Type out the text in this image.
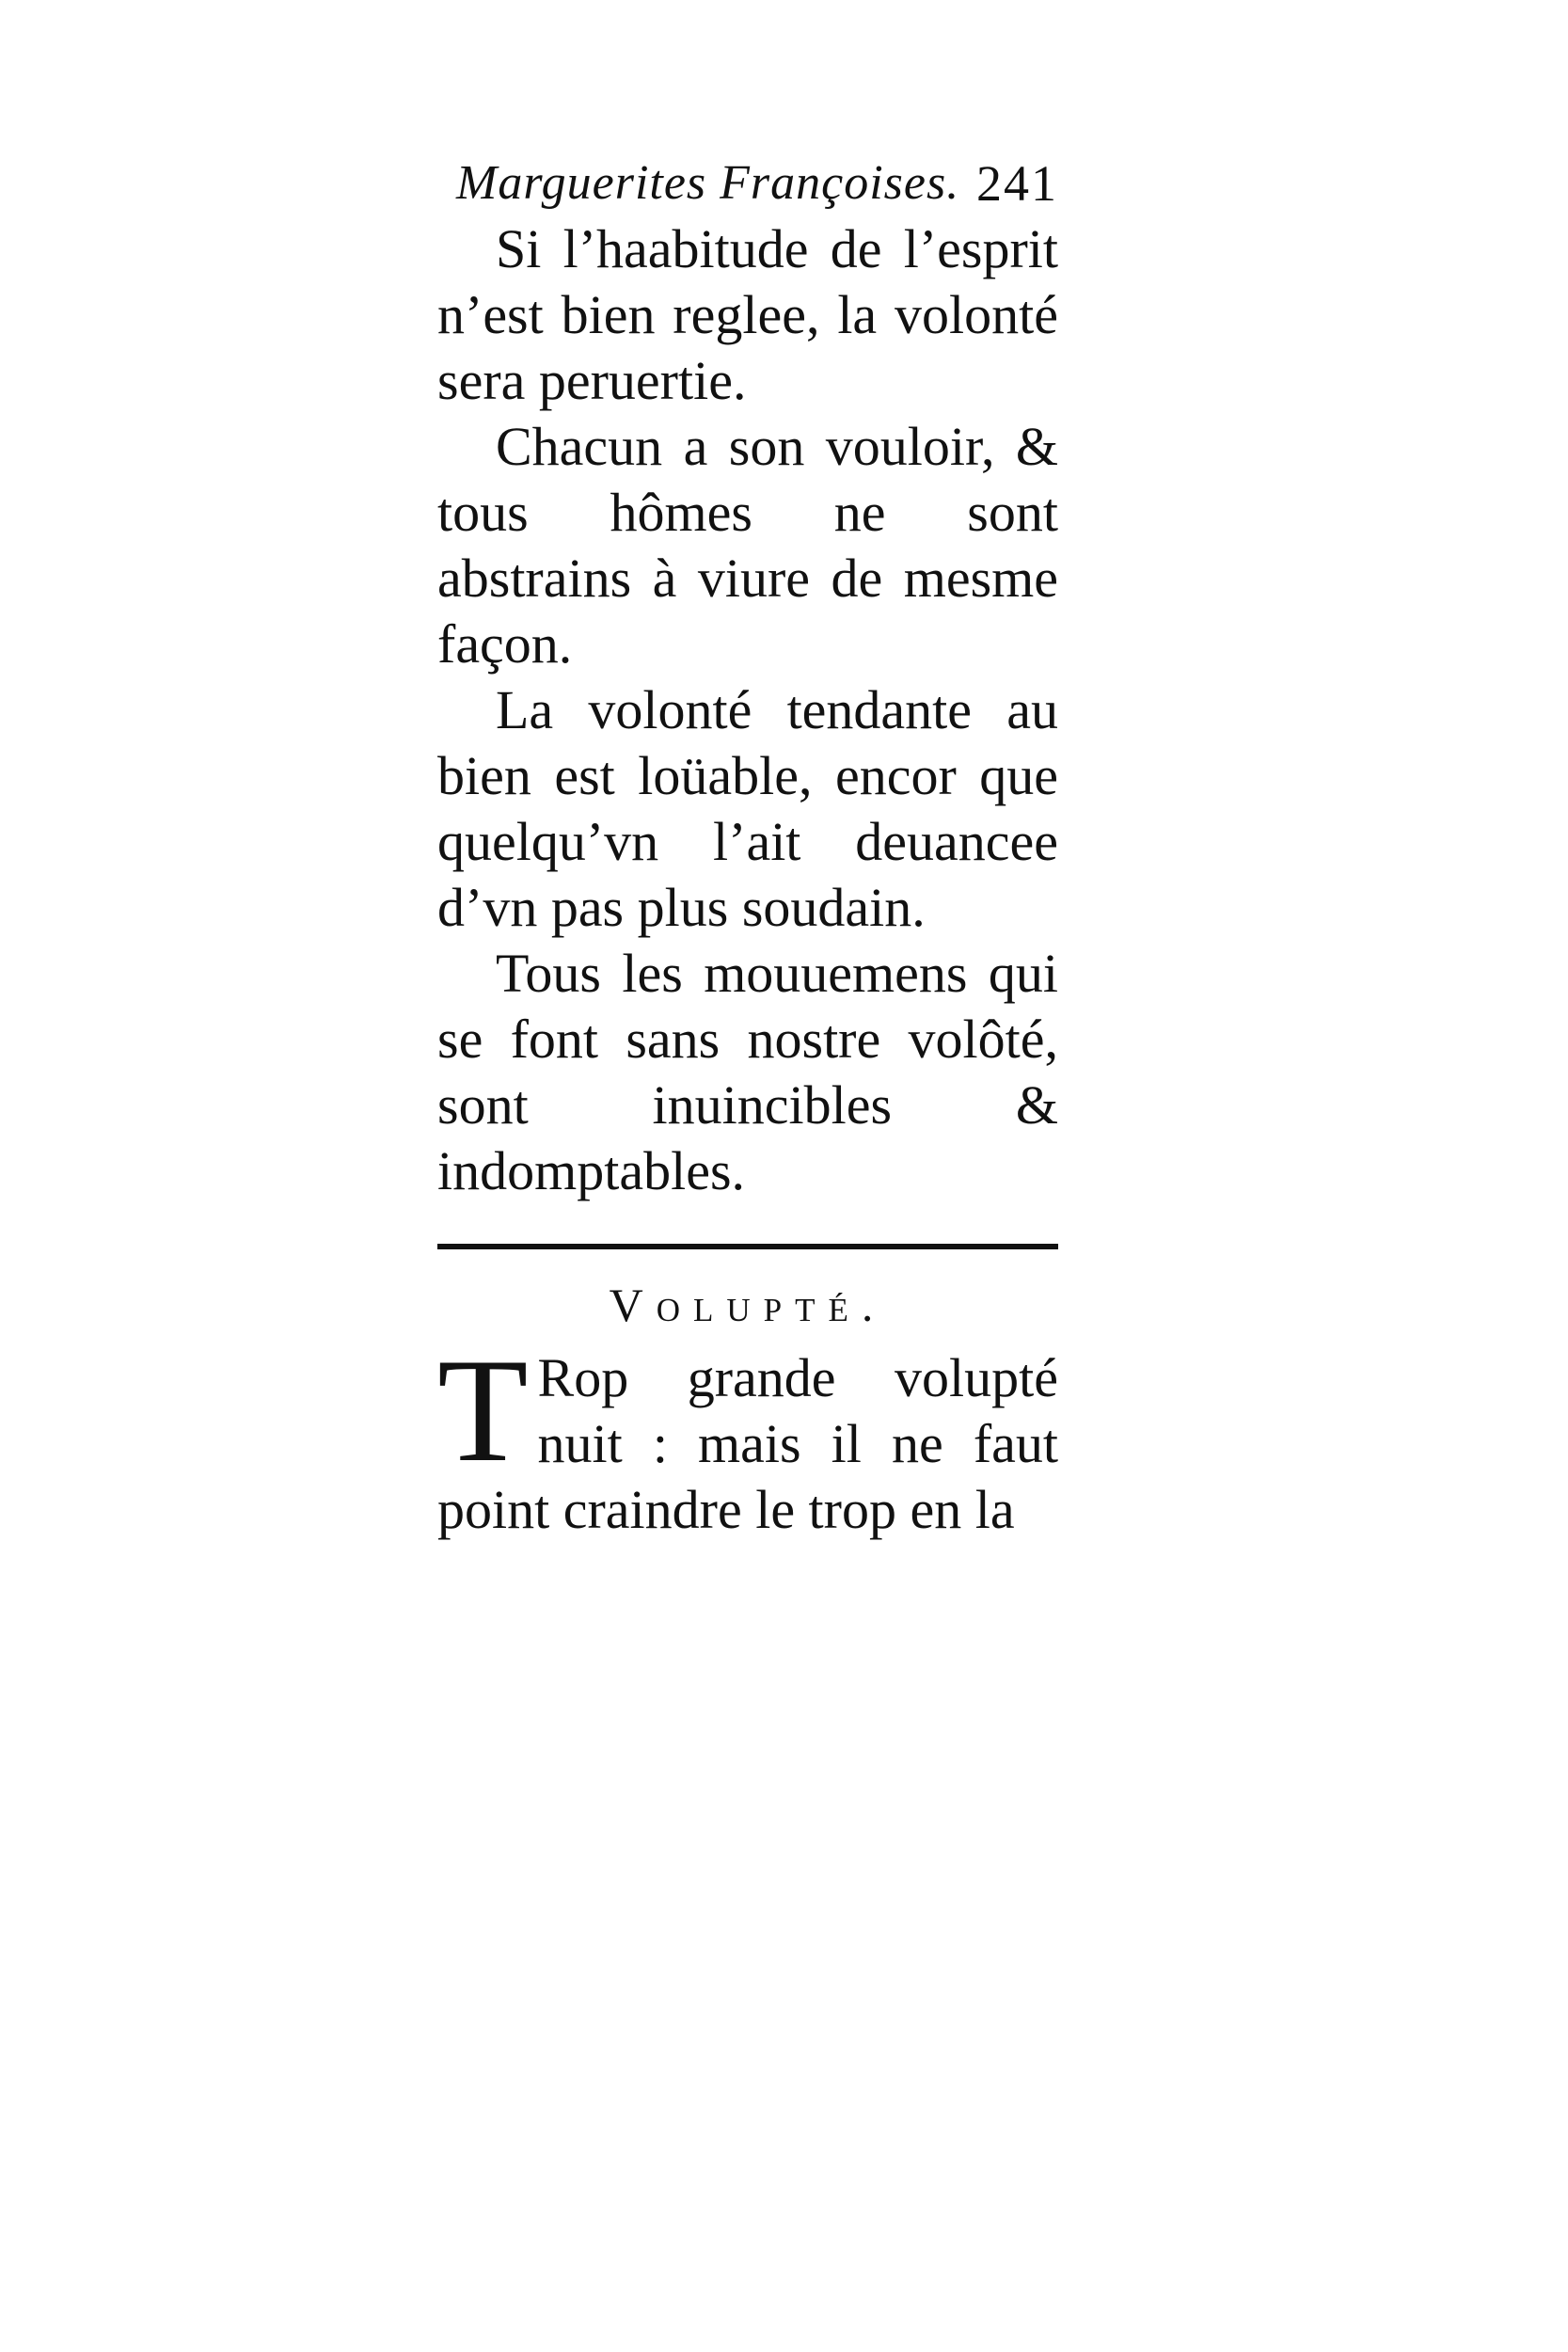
Marguerites Françoises. 241

Si l’haabitude de l’esprit n’est bien reglee, la volonté sera peruertie.

Chacun a son vouloir, & tous hômes ne sont abstrains à viure de mesme façon.

La volonté tendante au bien est loüable, encor que quelqu’vn l’ait deuancee d’vn pas plus soudain.

Tous les mouuemens qui se font sans nostre volôté, sont inuincibles & indomptables.

Volupté.

T Rop grande volupté nuit : mais il ne faut point craindre le trop en la
